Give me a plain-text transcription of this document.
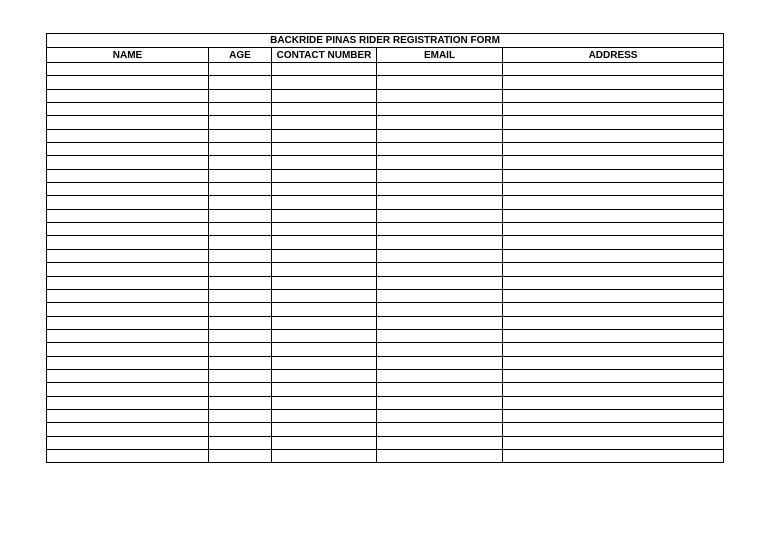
BACKRIDE PINAS RIDER REGISTRATION FORM				
NAME	AGE	CONTACT NUMBER	EMAIL	ADDRESS
